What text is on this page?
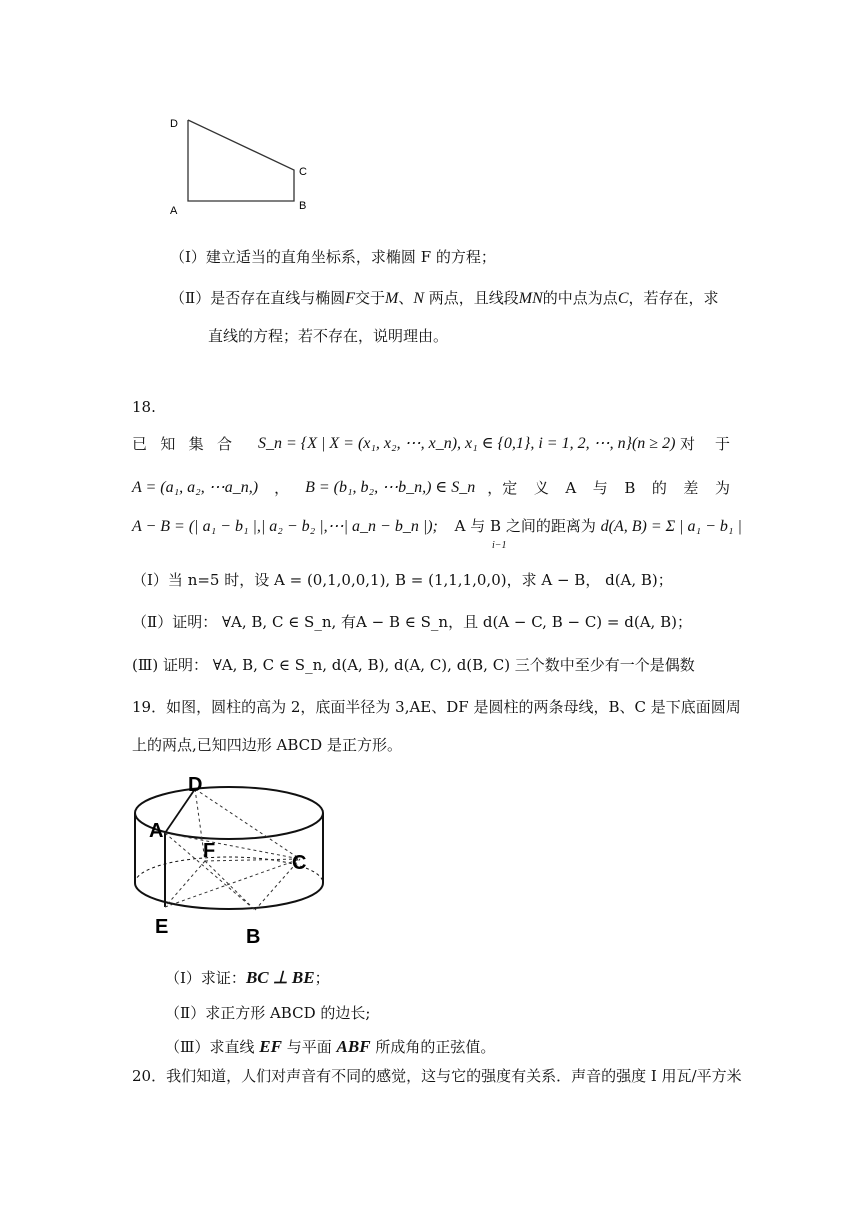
D
C
A	B
（Ⅰ）建立适当的直角坐标系，求椭圆 F 的方程；
（Ⅱ）是否存在直线与椭圆F交于M、N 两点，且线段MN的中点为点C，若存在，求
直线的方程；若不存在，说明理由。
18.
已 知 集 合 S_n = {X | X = (x₁, x₂, ⋯, x_n), x₁ ∈ {0,1}, i = 1, 2, ⋯, n}(n ≥ 2) 对 于
A = (a₁, a₂, ⋯a_n,) ， B = (b₁, b₂, ⋯b_n,) ∈ S_n ， 定 义 A 与 B 的 差 为
A − B = (| a₁ − b₁ |,| a₂ − b₂ |,⋯| a_n − b_n |); A 与 B 之间的距离为 d(A, B) = Σ | a₁ − b₁ |
i−1
（Ⅰ）当 n=5 时，设 A = (0,1,0,0,1), B = (1,1,1,0,0)，求 A − B， d(A, B)；
（Ⅱ）证明： ∀A, B, C ∈ S_n, 有A − B ∈ S_n，且 d(A − C, B − C) = d(A, B)；
(Ⅲ) 证明： ∀A, B, C ∈ S_n, d(A, B), d(A, C), d(B, C) 三个数中至少有一个是偶数
19．如图，圆柱的高为 2，底面半径为 3,AE、DF 是圆柱的两条母线，B、C 是下底面圆周
上的两点,已知四边形 ABCD 是正方形。
D
A
F
C
E	B
（Ⅰ）求证：BC ⊥ BE；
（Ⅱ）求正方形 ABCD 的边长;
（Ⅲ）求直线 EF 与平面 ABF 所成角的正弦值。
20．我们知道，人们对声音有不同的感觉，这与它的强度有关系．声音的强度 I 用瓦/平方米
